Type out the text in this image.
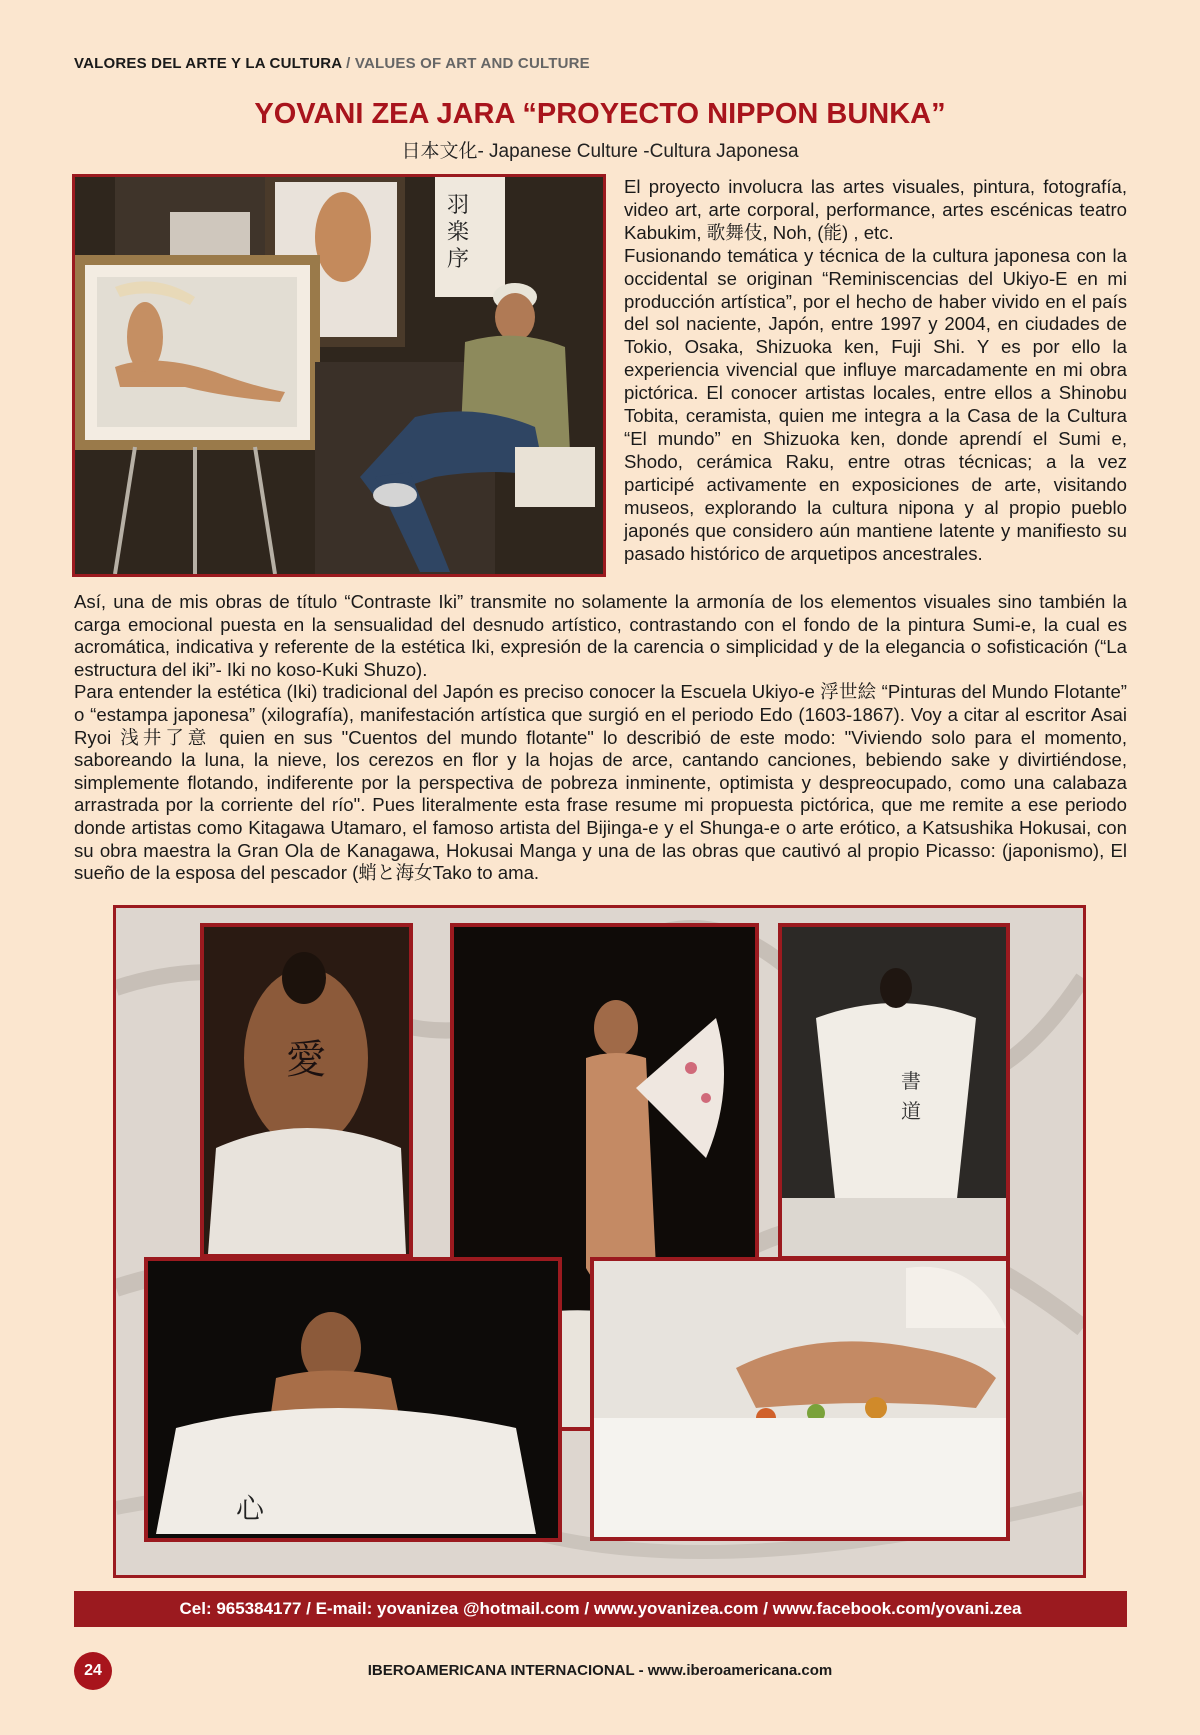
VALORES DEL ARTE Y LA CULTURA / VALUES OF ART AND CULTURE
YOVANI ZEA JARA “PROYECTO NIPPON BUNKA”
日本文化- Japanese Culture -Cultura Japonesa
羽
楽
序

El proyecto involucra las artes visuales, pintura, fotografía, video art, arte corporal, performance, artes escénicas teatro Kabukim, 歌舞伎, Noh, (能) , etc.

Fusionando temática y técnica de la cultura japonesa con la occidental se originan “Reminiscencias del Ukiyo-E en mi producción artística”, por el hecho de haber vivido en el país del sol naciente, Japón, entre 1997 y 2004, en ciudades de Tokio, Osaka, Shizuoka ken, Fuji Shi. Y es por ello la experiencia vivencial que influye marcadamente en mi obra pictórica. El conocer artistas locales, entre ellos a Shinobu Tobita, ceramista, quien me integra a la Casa de la Cultura “El mundo” en Shizuoka ken, donde aprendí el Sumi e, Shodo, cerámica Raku, entre otras técnicas; a la vez participé activamente en exposiciones de arte, visitando museos, explorando la cultura nipona y al propio pueblo japonés que considero aún mantiene latente y manifiesto su pasado histórico de arquetipos ancestrales.

Así, una de mis obras de título “Contraste Iki” transmite no solamente la armonía de los elementos visuales sino también la carga emocional puesta en la sensualidad del desnudo artístico, contrastando con el fondo de la pintura Sumi-e, la cual es acromática, indicativa y referente de la estética Iki, expresión de la carencia o simplicidad y de la elegancia o sofisticación (“La estructura del iki”- Iki no koso-Kuki Shuzo).

Para entender la estética (Iki) tradicional del Japón es preciso conocer la Escuela Ukiyo-e 浮世絵 “Pinturas del Mundo Flotante” o “estampa japonesa” (xilografía), manifestación artística que surgió en el periodo Edo (1603-1867). Voy a citar al escritor Asai Ryoi 浅井了意 quien en sus "Cuentos del mundo flotante" lo describió de este modo: "Viviendo solo para el momento, saboreando la luna, la nieve, los cerezos en flor y la hojas de arce, cantando canciones, bebiendo sake y divirtiéndose, simplemente flotando, indiferente por la perspectiva de pobreza inminente, optimista y despreocupado, como una calabaza arrastrada por la corriente del río". Pues literalmente esta frase resume mi propuesta pictórica, que me remite a ese periodo donde artistas como Kitagawa Utamaro, el famoso artista del Bijinga-e y el Shunga-e o arte erótico, a Katsushika Hokusai, con su obra maestra la Gran Ola de Kanagawa, Hokusai Manga y una de las obras que cautivó al propio Picasso: (japonismo), El sueño de la esposa del pescador (蛸と海女Tako to ama.

愛	書
道
心
Cel: 965384177 / E-mail: yovanizea @hotmail.com / www.yovanizea.com / www.facebook.com/yovani.zea
24	IBEROAMERICANA INTERNACIONAL - www.iberoamericana.com
